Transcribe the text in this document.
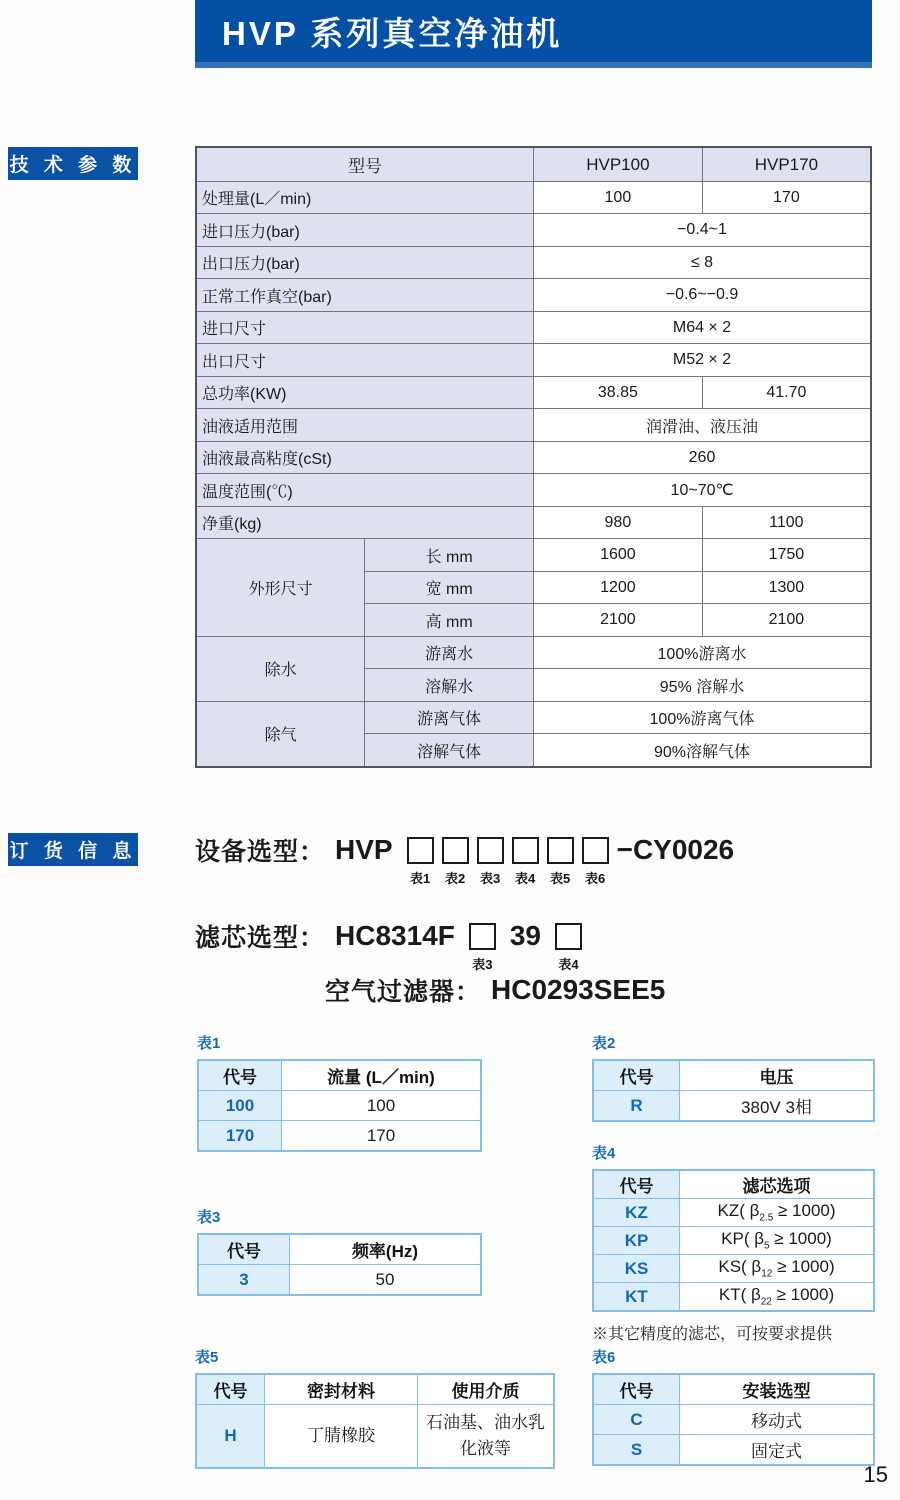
HVP 系列真空净油机
技 术 参 数	型号		HVP100	HVP170
处理量(L／min)		100	170
进口压力(bar)		−0.4~1	
出口压力(bar)		≤ 8	
正常工作真空(bar)		−0.6~−0.9	
进口尺寸		M64 × 2	
出口尺寸		M52 × 2	
总功率(KW)		38.85	41.70
油液适用范围		润滑油、液压油	
油液最高粘度(cSt)		260	
温度范围(℃)		10~70℃	
净重(kg)		980	1100
外形尺寸	长 mm	1600	1750
	宽 mm	1200	1300
	高 mm	2100	2100
除水	游离水	100%游离水	
	溶解水	95% 溶解水	
除气	游离气体	100%游离气体	
	溶解气体	90%溶解气体	
订 货 信 息 设备选型： HVP
表1 表2 表3 表4 表5 表6
−CY0026
滤芯选型： HC8314F
表3
39
表4
空气过滤器： HC0293SEE5
表1
代号	流量 (L／min)
100	100
170	170
表2
代号	电压
R	380V 3相
表4
代号	滤芯选项
KZ	KZ( $\beta_{2.5} \ge 1000$)
KP	KP( $\beta_5 \ge 1000$)
KS	KS( $\beta_{12} \ge 1000$)
KT	KT( $\beta_{22} \ge 1000$)
※其它精度的滤芯，可按要求提供
表3
代号	频率(Hz)
3	50
表5
代号	密封材料	使用介质
H	丁腈橡胶	石油基、油水乳化液等
表6
代号	安装选型
C	移动式
S	固定式
15
